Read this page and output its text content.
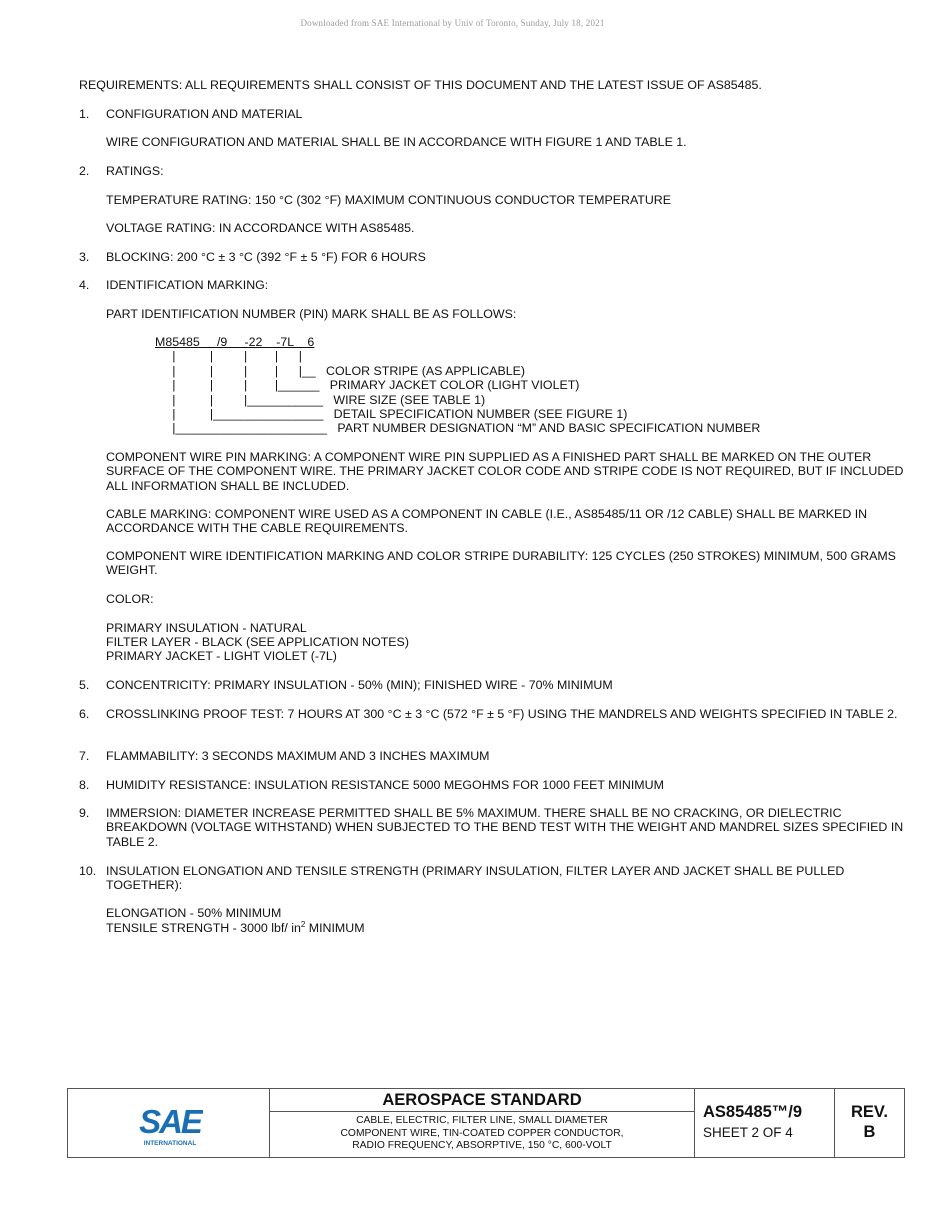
Downloaded from SAE International by Univ of Toronto, Sunday, July 18, 2021

REQUIREMENTS: ALL REQUIREMENTS SHALL CONSIST OF THIS DOCUMENT AND THE LATEST ISSUE OF AS85485.

1. CONFIGURATION AND MATERIAL

WIRE CONFIGURATION AND MATERIAL SHALL BE IN ACCORDANCE WITH FIGURE 1 AND TABLE 1.

2. RATINGS:

TEMPERATURE RATING: 150 °C (302 °F) MAXIMUM CONTINUOUS CONDUCTOR TEMPERATURE

VOLTAGE RATING: IN ACCORDANCE WITH AS85485.

3. BLOCKING: 200 °C ± 3 °C (392 °F ± 5 °F) FOR 6 HOURS

4. IDENTIFICATION MARKING:

PART IDENTIFICATION NUMBER (PIN) MARK SHALL BE AS FOLLOWS:

M85485     /9     -22    -7L    6
|          |         |        |      |
|          |         |        |      |__   COLOR STRIPE (AS APPLICABLE)
|          |         |        |______   PRIMARY JACKET COLOR (LIGHT VIOLET)
|          |         |___________   WIRE SIZE (SEE TABLE 1)
|          |________________   DETAIL SPECIFICATION NUMBER (SEE FIGURE 1)
|______________________   PART NUMBER DESIGNATION “M” AND BASIC SPECIFICATION NUMBER

COMPONENT WIRE PIN MARKING: A COMPONENT WIRE PIN SUPPLIED AS A FINISHED PART SHALL BE MARKED ON THE OUTER SURFACE OF THE COMPONENT WIRE. THE PRIMARY JACKET COLOR CODE AND STRIPE CODE IS NOT REQUIRED, BUT IF INCLUDED ALL INFORMATION SHALL BE INCLUDED.

CABLE MARKING: COMPONENT WIRE USED AS A COMPONENT IN CABLE (I.E., AS85485/11 OR /12 CABLE) SHALL BE MARKED IN ACCORDANCE WITH THE CABLE REQUIREMENTS.

COMPONENT WIRE IDENTIFICATION MARKING AND COLOR STRIPE DURABILITY: 125 CYCLES (250 STROKES) MINIMUM, 500 GRAMS WEIGHT.

COLOR:

PRIMARY INSULATION - NATURAL

FILTER LAYER - BLACK (SEE APPLICATION NOTES)

PRIMARY JACKET - LIGHT VIOLET (-7L)

5. CONCENTRICITY: PRIMARY INSULATION - 50% (MIN); FINISHED WIRE - 70% MINIMUM

6. CROSSLINKING PROOF TEST: 7 HOURS AT 300 °C ± 3 °C (572 °F ± 5 °F) USING THE MANDRELS AND WEIGHTS SPECIFIED IN TABLE 2.

7. FLAMMABILITY: 3 SECONDS MAXIMUM AND 3 INCHES MAXIMUM

8. HUMIDITY RESISTANCE: INSULATION RESISTANCE 5000 MEGOHMS FOR 1000 FEET MINIMUM

9. IMMERSION: DIAMETER INCREASE PERMITTED SHALL BE 5% MAXIMUM. THERE SHALL BE NO CRACKING, OR DIELECTRIC BREAKDOWN (VOLTAGE WITHSTAND) WHEN SUBJECTED TO THE BEND TEST WITH THE WEIGHT AND MANDREL SIZES SPECIFIED IN TABLE 2.

10. INSULATION ELONGATION AND TENSILE STRENGTH (PRIMARY INSULATION, FILTER LAYER AND JACKET SHALL BE PULLED TOGETHER):

ELONGATION - 50% MINIMUM

TENSILE STRENGTH - 3000 lbf/ $in^2$ MINIMUM

SAE
INTERNATIONAL
AEROSPACE STANDARD
CABLE, ELECTRIC, FILTER LINE, SMALL DIAMETER
COMPONENT WIRE, TIN-COATED COPPER CONDUCTOR,
RADIO FREQUENCY, ABSORPTIVE, 150 °C, 600-VOLT
AS85485™/9
SHEET 2 OF 4
REV.
B
